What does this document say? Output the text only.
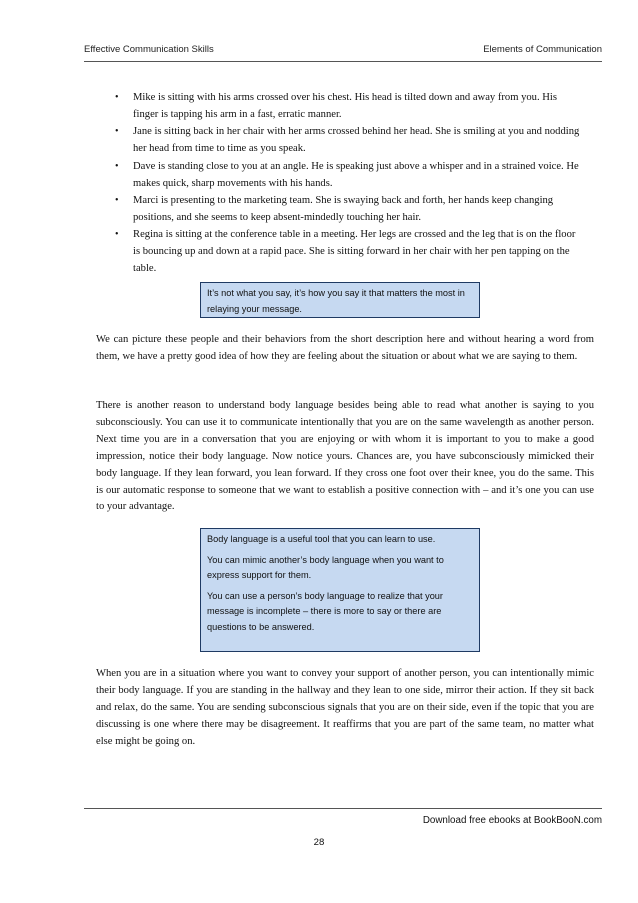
Effective Communication Skills	Elements of Communication
• Mike is sitting with his arms crossed over his chest. His head is tilted down and away from you. His finger is tapping his arm in a fast, erratic manner.
• Jane is sitting back in her chair with her arms crossed behind her head. She is smiling at you and nodding her head from time to time as you speak.
• Dave is standing close to you at an angle. He is speaking just above a whisper and in a strained voice. He makes quick, sharp movements with his hands.
• Marci is presenting to the marketing team. She is swaying back and forth, her hands keep changing positions, and she seems to keep absent-mindedly touching her hair.
• Regina is sitting at the conference table in a meeting. Her legs are crossed and the leg that is on the floor is bouncing up and down at a rapid pace. She is sitting forward in her chair with her pen tapping on the table.
It’s not what you say, it’s how you say it that matters the most in relaying your message.

We can picture these people and their behaviors from the short description here and without hearing a word from them, we have a pretty good idea of how they are feeling about the situation or about what we are saying to them.

There is another reason to understand body language besides being able to read what another is saying to you subconsciously. You can use it to communicate intentionally that you are on the same wavelength as another person. Next time you are in a conversation that you are enjoying or with whom it is important to you to make a good impression, notice their body language. Now notice yours. Chances are, you have subconsciously mimicked their body language. If they lean forward, you lean forward. If they cross one foot over their knee, you do the same. This is our automatic response to someone that we want to establish a positive connection with – and it’s one you can use to your advantage.

Body language is a useful tool that you can learn to use.

You can mimic another’s body language when you want to express support for them.

You can use a person’s body language to realize that your message is incomplete – there is more to say or there are questions to be answered.

When you are in a situation where you want to convey your support of another person, you can intentionally mimic their body language. If you are standing in the hallway and they lean to one side, mirror their action. If they sit back and relax, do the same. You are sending subconscious signals that you are on their side, even if the topic that you are discussing is one where there may be disagreement. It reaffirms that you are part of the same team, no matter what else might be going on.

Download free ebooks at BookBooN.com
28
